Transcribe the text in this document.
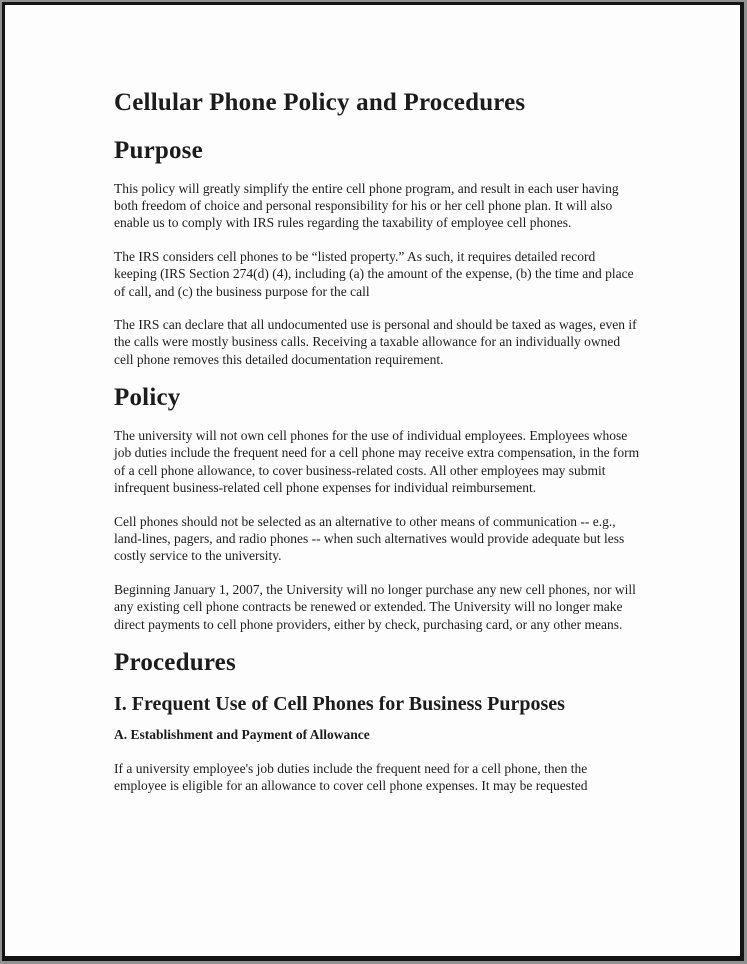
Cellular Phone Policy and Procedures
Purpose

This policy will greatly simplify the entire cell phone program, and result in each user having both freedom of choice and personal responsibility for his or her cell phone plan. It will also enable us to comply with IRS rules regarding the taxability of employee cell phones.

The IRS considers cell phones to be “listed property.” As such, it requires detailed record keeping (IRS Section 274(d) (4), including (a) the amount of the expense, (b) the time and place of call, and (c) the business purpose for the call

The IRS can declare that all undocumented use is personal and should be taxed as wages, even if the calls were mostly business calls. Receiving a taxable allowance for an individually owned cell phone removes this detailed documentation requirement.

Policy

The university will not own cell phones for the use of individual employees. Employees whose job duties include the frequent need for a cell phone may receive extra compensation, in the form of a cell phone allowance, to cover business-related costs. All other employees may submit infrequent business-related cell phone expenses for individual reimbursement.

Cell phones should not be selected as an alternative to other means of communication -- e.g., land-lines, pagers, and radio phones -- when such alternatives would provide adequate but less costly service to the university.

Beginning January 1, 2007, the University will no longer purchase any new cell phones, nor will any existing cell phone contracts be renewed or extended. The University will no longer make direct payments to cell phone providers, either by check, purchasing card, or any other means.

Procedures
I. Frequent Use of Cell Phones for Business Purposes
A. Establishment and Payment of Allowance

If a university employee's job duties include the frequent need for a cell phone, then the employee is eligible for an allowance to cover cell phone expenses. It may be requested
